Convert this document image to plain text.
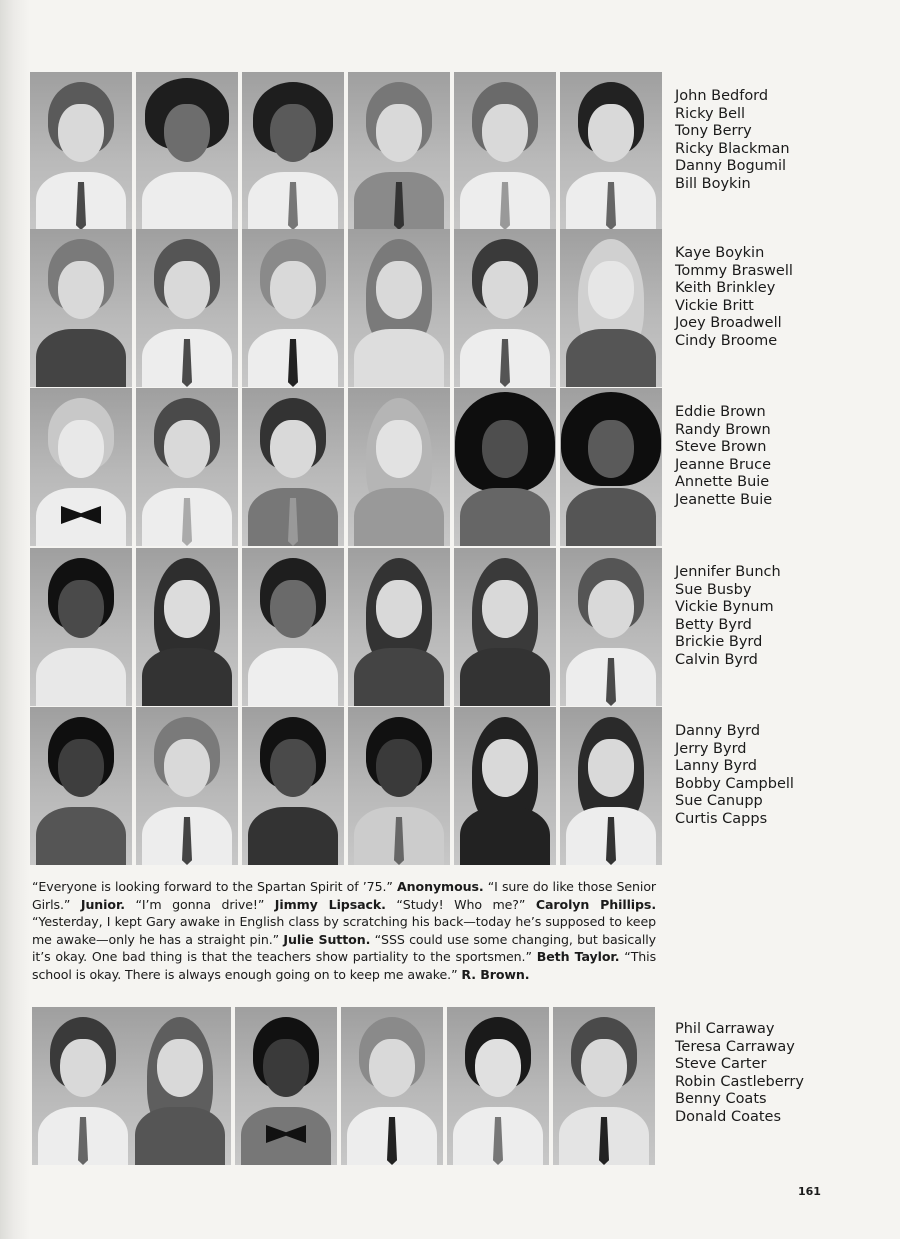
John Bedford
Ricky Bell
Tony Berry
Ricky Blackman
Danny Bogumil
Bill Boykin
Kaye Boykin
Tommy Braswell
Keith Brinkley
Vickie Britt
Joey Broadwell
Cindy Broome
Eddie Brown
Randy Brown
Steve Brown
Jeanne Bruce
Annette Buie
Jeanette Buie
Jennifer Bunch
Sue Busby
Vickie Bynum
Betty Byrd
Brickie Byrd
Calvin Byrd
Danny Byrd
Jerry Byrd
Lanny Byrd
Bobby Campbell
Sue Canupp
Curtis Capps
“Everyone is looking forward to the Spartan Spirit of ’75.” Anonymous. “I sure do like those Senior Girls.” Junior. “I’m gonna drive!” Jimmy Lipsack. “Study! Who me?” Carolyn Phillips. “Yesterday, I kept Gary awake in English class by scratching his back—today he’s supposed to keep me awake—only he has a straight pin.” Julie Sutton. “SSS could use some changing, but basically it’s okay. One bad thing is that the teachers show partiality to the sportsmen.” Beth Taylor. “This school is okay. There is always enough going on to keep me awake.” R. Brown.
Phil Carraway
Teresa Carraway
Steve Carter
Robin Castleberry
Benny Coats
Donald Coates
161
